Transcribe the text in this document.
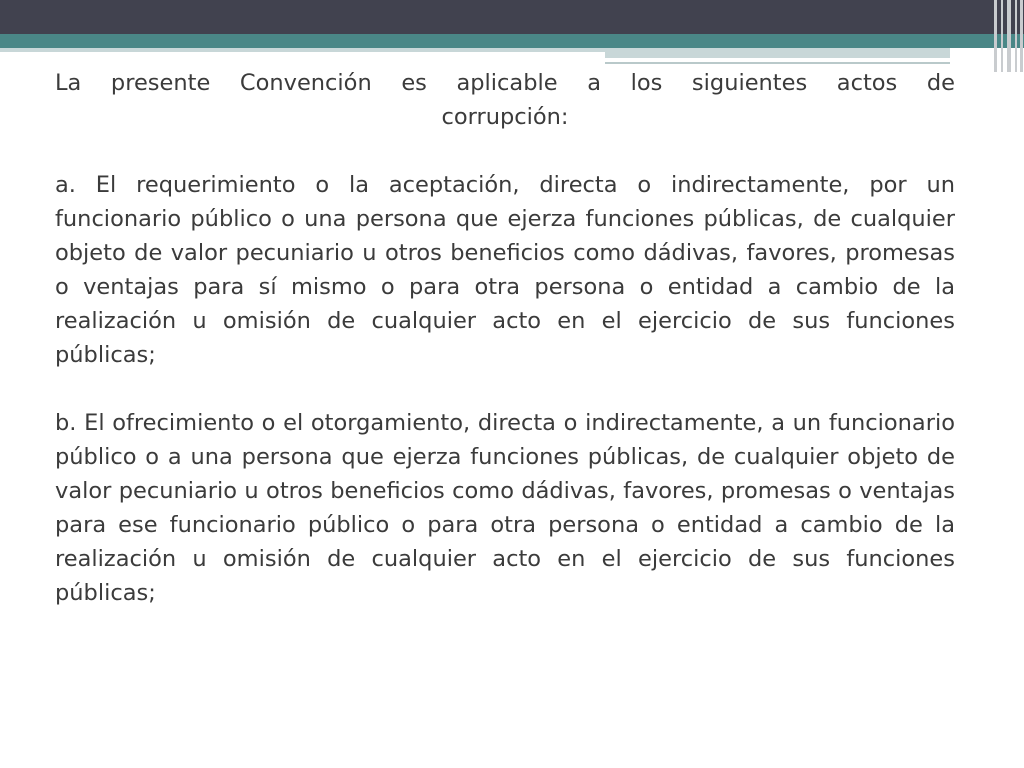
La presente Convención es aplicable a los siguientes actos de
corrupción:

a. El requerimiento o la aceptación, directa o indirectamente, por un funcionario público o una persona que ejerza funciones públicas, de cualquier objeto de valor pecuniario u otros beneficios como dádivas, favores, promesas o ventajas para sí mismo o para otra persona o entidad a cambio de la realización u omisión de cualquier acto en el ejercicio de sus funciones públicas;

b. El ofrecimiento o el otorgamiento, directa o indirectamente, a un funcionario público o a una persona que ejerza funciones públicas, de cualquier objeto de valor pecuniario u otros beneficios como dádivas, favores, promesas o ventajas para ese funcionario público o para otra persona o entidad a cambio de la realización u omisión de cualquier acto en el ejercicio de sus funciones públicas;
